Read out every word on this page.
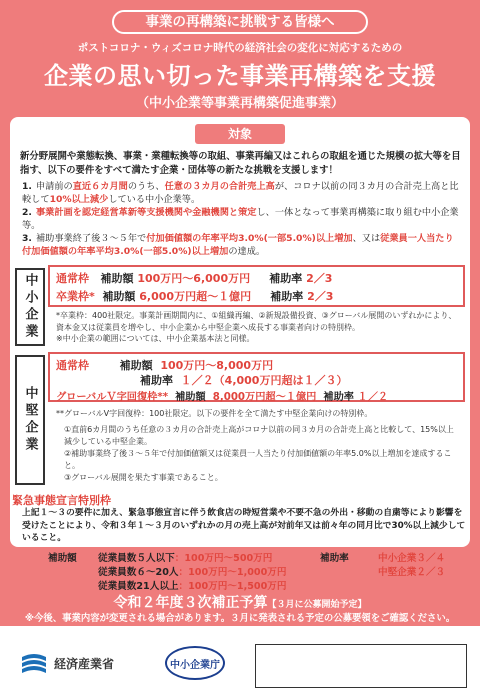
事業の再構築に挑戦する皆様へ
ポストコロナ・ウィズコロナ時代の経済社会の変化に対応するための
企業の思い切った事業再構築を支援
（中小企業等事業再構築促進事業）
対象
新分野展開や業態転換、事業・業種転換等の取組、事業再編又はこれらの取組を通じた規模の拡大等を目指す、以下の要件をすべて満たす企業・団体等の新たな挑戦を支援します！
1. 申請前の直近６カ月間のうち、任意の３カ月の合計売上高が、コロナ以前の同３カ月の合計売上高と比較して10%以上減少している中小企業等。
2. 事業計画を認定経営革新等支援機関や金融機関と策定し、一体となって事業再構築に取り組む中小企業等。
3. 補助事業終了後３～５年で付加価値額の年率平均3.0%(一部5.0%)以上増加、又は従業員一人当たり付加価値額の年率平均3.0%(一部5.0%)以上増加の達成。
中小企業	通常枠 補助額 100万円～6,000万円 補助率 2／3
卒業枠* 補助額 6,000万円超～１億円 補助率 2／3
*卒業枠：400社限定。事業計画期間内に、①組織再編、②新規設備投資、③グローバル展開のいずれかにより、資本金又は従業員を増やし、中小企業から中堅企業へ成長する事業者向けの特別枠。
※中小企業の範囲については、中小企業基本法と同様。
中堅企業
通常枠	補助額 100万円～8,000万円
補助率 １／２（4,000万円超は１／３）
グローバルＶ字回復枠** 補助額 8,000万円超～１億円 補助率 １／２
**グローバルV字回復枠：100社限定。以下の要件を全て満たす中堅企業向けの特別枠。
①直前6カ月間のうち任意の３カ月の合計売上高がコロナ以前の同３カ月の合計売上高と比較して、15%以上減少している中堅企業。
②補助事業終了後３～５年で付加価値額又は従業員一人当たり付加価値額の年率5.0%以上増加を達成すること。
③グローバル展開を果たす事業であること。
緊急事態宣言特別枠
上記１～３の要件に加え、緊急事態宣言に伴う飲食店の時短営業や不要不急の外出・移動の自粛等により影響を受けたことにより、令和３年１～３月のいずれかの月の売上高が対前年又は前々年の同月比で30%以上減少していること。
補助額 従業員数５人以下：100万円～500万円
従業員数６～20人：100万円～1,000万円
従業員数21人以上：100万円～1,500万円
補助率	中小企業３／４
中堅企業２／３
令和２年度３次補正予算【３月に公募開始予定】
※今後、事業内容が変更される場合があります。３月に発表される予定の公募要領をご確認ください。
経済産業省	中小企業庁
